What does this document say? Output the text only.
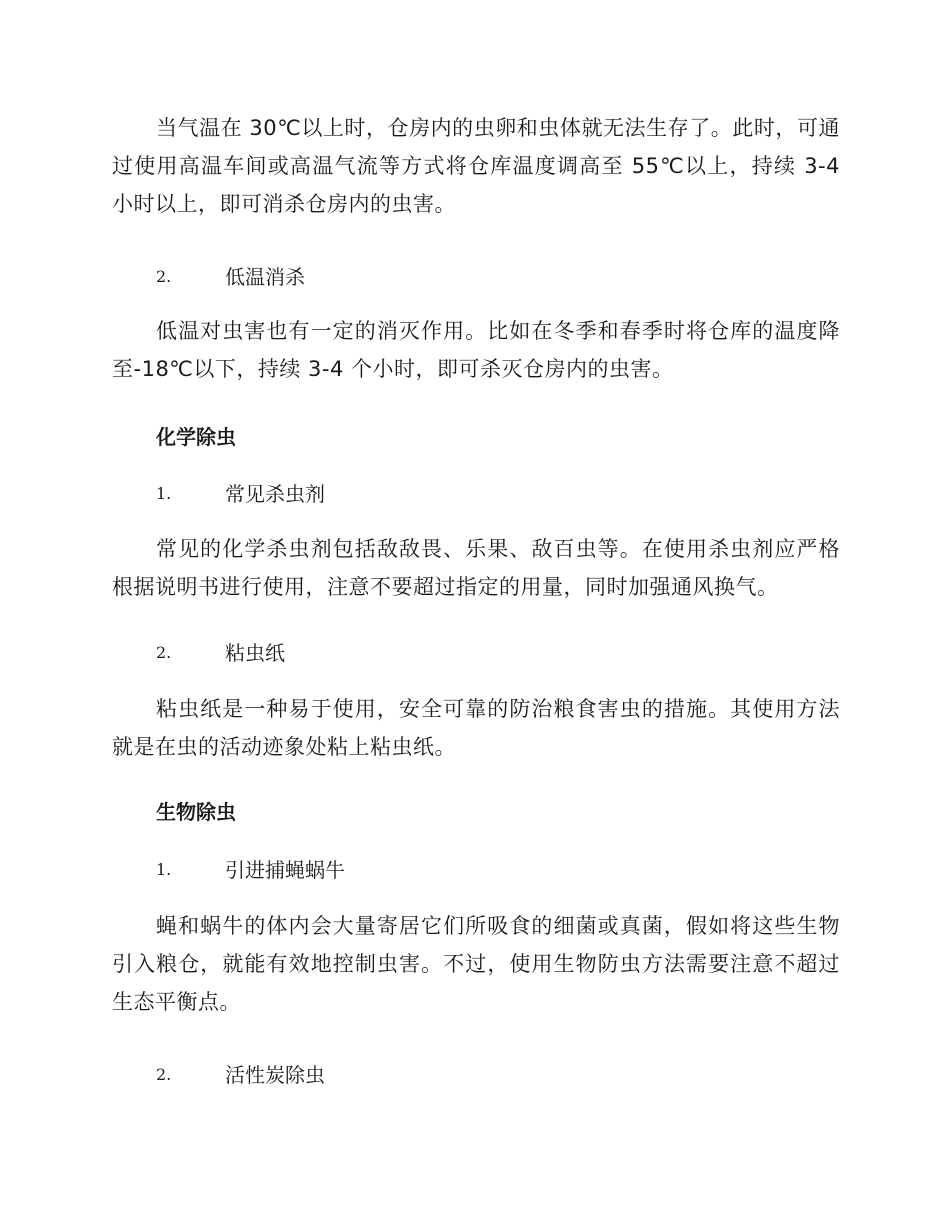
当气温在 30℃以上时，仓房内的虫卵和虫体就无法生存了。此时，可通过使用高温车间或高温气流等方式将仓库温度调高至 55℃以上，持续 3-4 小时以上，即可消杀仓房内的虫害。

2.	低温消杀

低温对虫害也有一定的消灭作用。比如在冬季和春季时将仓库的温度降至-18℃以下，持续 3-4 个小时，即可杀灭仓房内的虫害。

化学除虫
1.	常见杀虫剂

常见的化学杀虫剂包括敌敌畏、乐果、敌百虫等。在使用杀虫剂应严格根据说明书进行使用，注意不要超过指定的用量，同时加强通风换气。

2.	粘虫纸

粘虫纸是一种易于使用，安全可靠的防治粮食害虫的措施。其使用方法就是在虫的活动迹象处粘上粘虫纸。

生物除虫
1.	引进捕蝇蜗牛

蝇和蜗牛的体内会大量寄居它们所吸食的细菌或真菌，假如将这些生物引入粮仓，就能有效地控制虫害。不过，使用生物防虫方法需要注意不超过生态平衡点。

2.	活性炭除虫
